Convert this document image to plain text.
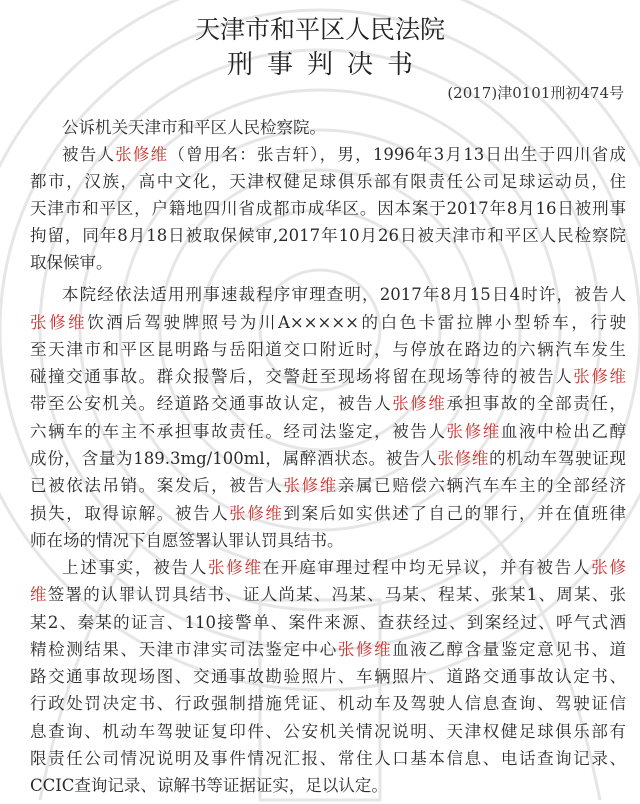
天津市和平区人民法院
刑事判决书
(2017)津0101刑初474号
公诉机关天津市和平区人民检察院。
被告人张修维（曾用名：张吉轩），男，1996年3月13日出生于四川省成
都市，汉族，高中文化，天津权健足球俱乐部有限责任公司足球运动员，住
天津市和平区，户籍地四川省成都市成华区。因本案于2017年8月16日被刑事
拘留，同年8月18日被取保候审,2017年10月26日被天津市和平区人民检察院
取保候审。
本院经依法适用刑事速裁程序审理查明，2017年8月15日4时许，被告人
张修维饮酒后驾驶牌照号为川A×××××的白色卡雷拉牌小型轿车，行驶
至天津市和平区昆明路与岳阳道交口附近时，与停放在路边的六辆汽车发生
碰撞交通事故。群众报警后，交警赶至现场将留在现场等待的被告人张修维
带至公安机关。经道路交通事故认定，被告人张修维承担事故的全部责任，
六辆车的车主不承担事故责任。经司法鉴定，被告人张修维血液中检出乙醇
成份，含量为189.3mg/100ml，属醉酒状态。被告人张修维的机动车驾驶证现
已被依法吊销。案发后，被告人张修维亲属已赔偿六辆汽车车主的全部经济
损失，取得谅解。被告人张修维到案后如实供述了自己的罪行，并在值班律
师在场的情况下自愿签署认罪认罚具结书。
上述事实，被告人张修维在开庭审理过程中均无异议，并有被告人张修
维签署的认罪认罚具结书、证人尚某、冯某、马某、程某、张某1、周某、张
某2、秦某的证言、110接警单、案件来源、查获经过、到案经过、呼气式酒
精检测结果、天津市津实司法鉴定中心张修维血液乙醇含量鉴定意见书、道
路交通事故现场图、交通事故勘验照片、车辆照片、道路交通事故认定书、
行政处罚决定书、行政强制措施凭证、机动车及驾驶人信息查询、驾驶证信
息查询、机动车驾驶证复印件、公安机关情况说明、天津权健足球俱乐部有
限责任公司情况说明及事件情况汇报、常住人口基本信息、电话查询记录、
CCIC查询记录、谅解书等证据证实，足以认定。
